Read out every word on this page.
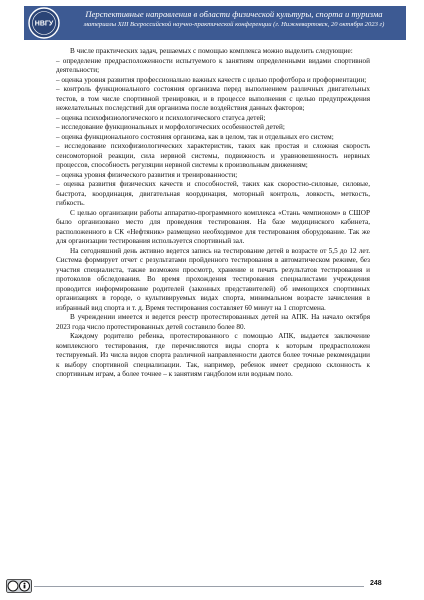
НВГУ
Перспективные направления в области физической культуры, спорта и туризма
материалы XIII Всероссийской научно-практической конференции (г. Нижневартовск, 20 октября 2023 г)

В числе практических задач, решаемых с помощью комплекса можно выделить следующие:

– определение предрасположенности испытуемого к занятиям определенными видами спортивной деятельности;

– оценка уровня развития профессионально важных качеств с целью профотбора и профориентации;

– контроль функционального состояния организма перед выполнением различных двигательных тестов, в том числе спортивной тренировки, и в процессе выполнения с целью предупреждения нежелательных последствий для организма после воздействия данных факторов;

– оценка психофизиологического и психологического статуса детей;

– исследование функциональных и морфологических особенностей детей;

– оценка функционального состояния организма, как в целом, так и отдельных его систем;

– исследование психофизиологических характеристик, таких как простая и сложная скорость сенсомоторной реакции, сила нервной системы, подвижность и уравновешенность нервных процессов, способность регуляции нервной системы к произвольным движениям;

– оценка уровня физического развития и тренированности;

– оценка развития физических качеств и способностей, таких как скоростно-силовые, силовые, быстрота, координация, двигательная координация, моторный контроль, ловкость, меткость, гибкость.

С целью организации работы аппаратно-программного комплекса «Стань чемпионом» в СШОР было организовано место для проведения тестирования. На базе медицинского кабинета, расположенного в СК «Нефтяник» размещено необходимое для тестирования оборудование. Так же для организации тестирования используется спортивный зал.

На сегодняшний день активно ведется запись на тестирование детей в возрасте от 5,5 до 12 лет. Система формирует отчет с результатами пройденного тестирования в автоматическом режиме, без участия специалиста, также возможен просмотр, хранение и печать результатов тестирования и протоколов обследования. Во время прохождения тестирования специалистами учреждения проводится информирование родителей (законных представителей) об имеющихся спортивных организациях в городе, о культивируемых видах спорта, минимальном возрасте зачисления в избранный вид спорта и т. д. Время тестирования составляет 60 минут на 1 спортсмена.

В учреждении имеется и ведется реестр протестированных детей на АПК. На начало октября 2023 года число протестированных детей составило более 80.

Каждому родителю ребенка, протестированного с помощью АПК, выдается заключение комплексного тестирования, где перечисляются виды спорта к которым предрасположен тестируемый. Из числа видов спорта различной направленности даются более точные рекомендации к выбору спортивной специализации. Так, например, ребенок имеет среднюю склонность к спортивным играм, а более точнее – к занятиям гандболом или водным поло.

248
